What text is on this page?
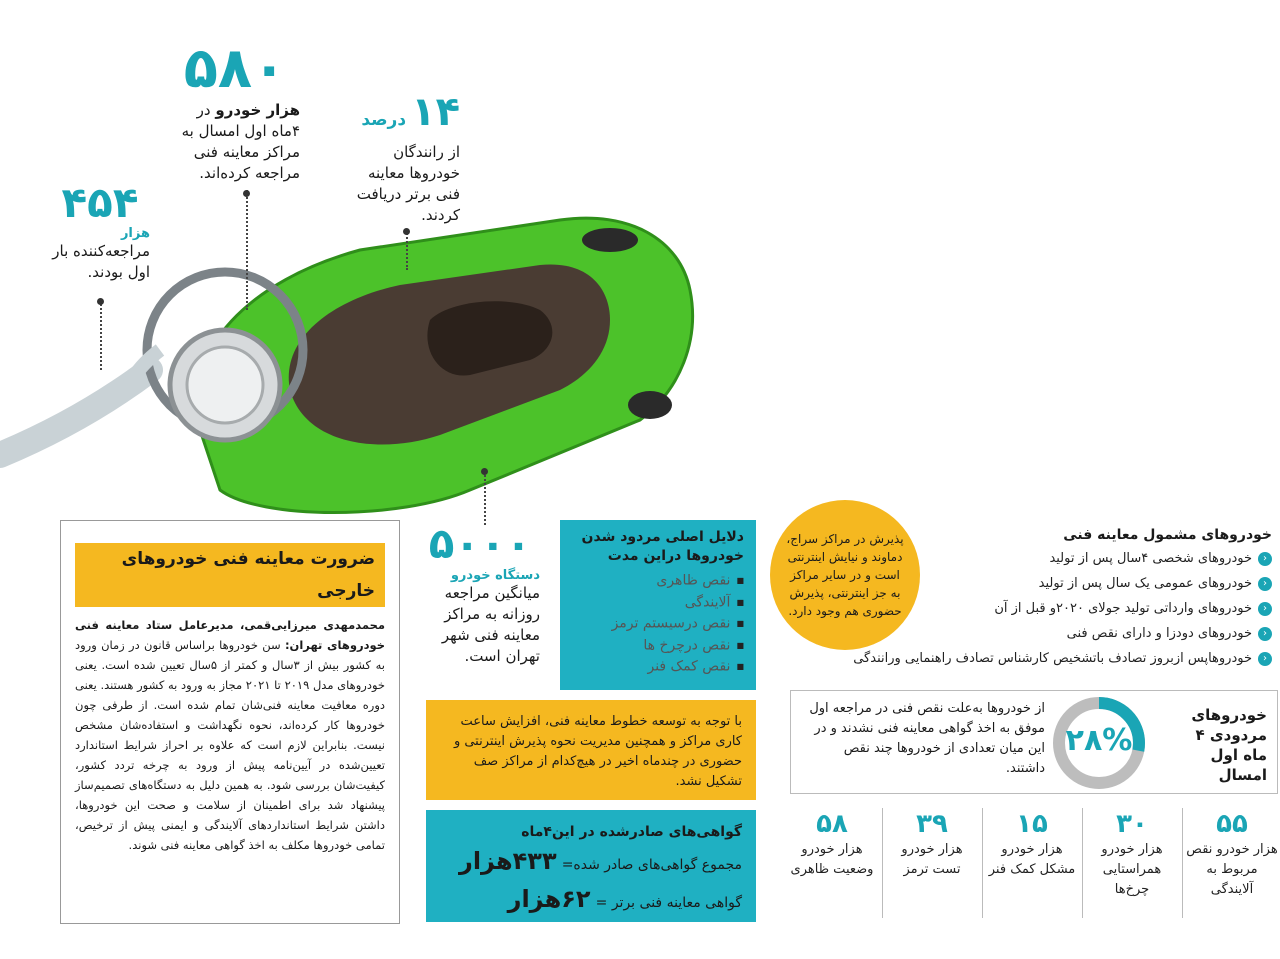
۵۸۰
هزار خودرو در ۴ماه اول امسال به مراکز معاینه فنی مراجعه کرده‌اند.
۱۴ درصد
از رانندگان خودروها معاینه فنی برتر دریافت کردند.
۴۵۴
هزار
مراجعه‌کننده بار اول بودند.
۵۰۰۰
دستگاه خودرو
میانگین مراجعه روزانه به مراکز معاینه فنی شهر تهران است.
ضرورت معاینه فنی خودروهای خارجی
محمدمهدی میرزایی‌قمی، مدیرعامل ستاد معاینه فنی خودروهای تهران: سن خودروها براساس قانون در زمان ورود به کشور بیش از ۳سال و کمتر از ۵سال تعیین شده است. یعنی خودروهای مدل ۲۰۱۹ تا ۲۰۲۱ مجاز به ورود به کشور هستند. یعنی دوره معافیت معاینه فنی‌شان تمام شده است. از طرفی چون خودروها کار کرده‌اند، نحوه نگهداشت و استفاده‌شان مشخص نیست. بنابراین لازم است که علاوه بر احراز شرایط استاندارد تعیین‌شده در آیین‌نامه پیش از ورود به چرخه تردد کشور، کیفیت‌شان بررسی شود. به همین دلیل به دستگاه‌های تصمیم‌ساز پیشنهاد شد برای اطمینان از سلامت و صحت این خودروها، داشتن شرایط استانداردهای آلایندگی و ایمنی پیش از ترخیص، تمامی خودروها مکلف به اخذ گواهی معاینه فنی شوند.
دلایل اصلی مردود شدن خودروها دراین مدت
■ نقص ظاهری
■ آلایندگی
■ نقص درسیستم ترمز
■ نقص درچرخ ها
■ نقص کمک فنر
پذیرش در مراکز سراج، دماوند و نیایش اینترنتی است و در سایر مراکز به جز اینترنتی، پذیرش حضوری هم وجود دارد.
خودروهای مشمول معاینه فنی
‹خودروهای شخصی ۴سال پس از تولید
‹خودروهای عمومی یک سال پس از تولید
‹خودروهای وارداتی تولید جولای ۲۰۲۰و قبل از آن
‹خودروهای دودزا و دارای نقص فنی
‹خودروهاپس ازبروز تصادف باتشخیص کارشناس تصادف راهنمایی ورانندگی
خودروهای مردودی ۴ ماه اول امسال
۲۸%
از خودروها به‌علت نقص فنی در مراجعه اول موفق به اخذ گواهی معاینه فنی نشدند و در این میان تعدادی از خودروها چند نقص داشتند.
با توجه به توسعه خطوط معاینه فنی، افزایش ساعت کاری مراکز و همچنین مدیریت نحوه پذیرش اینترنتی و حضوری در چندماه اخیر در هیچ‌کدام از مراکز صف تشکیل نشد.
گواهی‌های صادرشده در این۴ماه
مجموع گواهی‌های صادر شده= ۴۳۳هزار
گواهی معاینه فنی برتر = ۶۲هزار
۵۵
هزار خودرو نقص مربوط به آلایندگی
۳۰
هزار خودرو همراستایی چرخ‌ها
۱۵
هزار خودرو مشکل کمک فنر
۳۹
هزار خودرو تست ترمز
۵۸
هزار خودرو وضعیت ظاهری
